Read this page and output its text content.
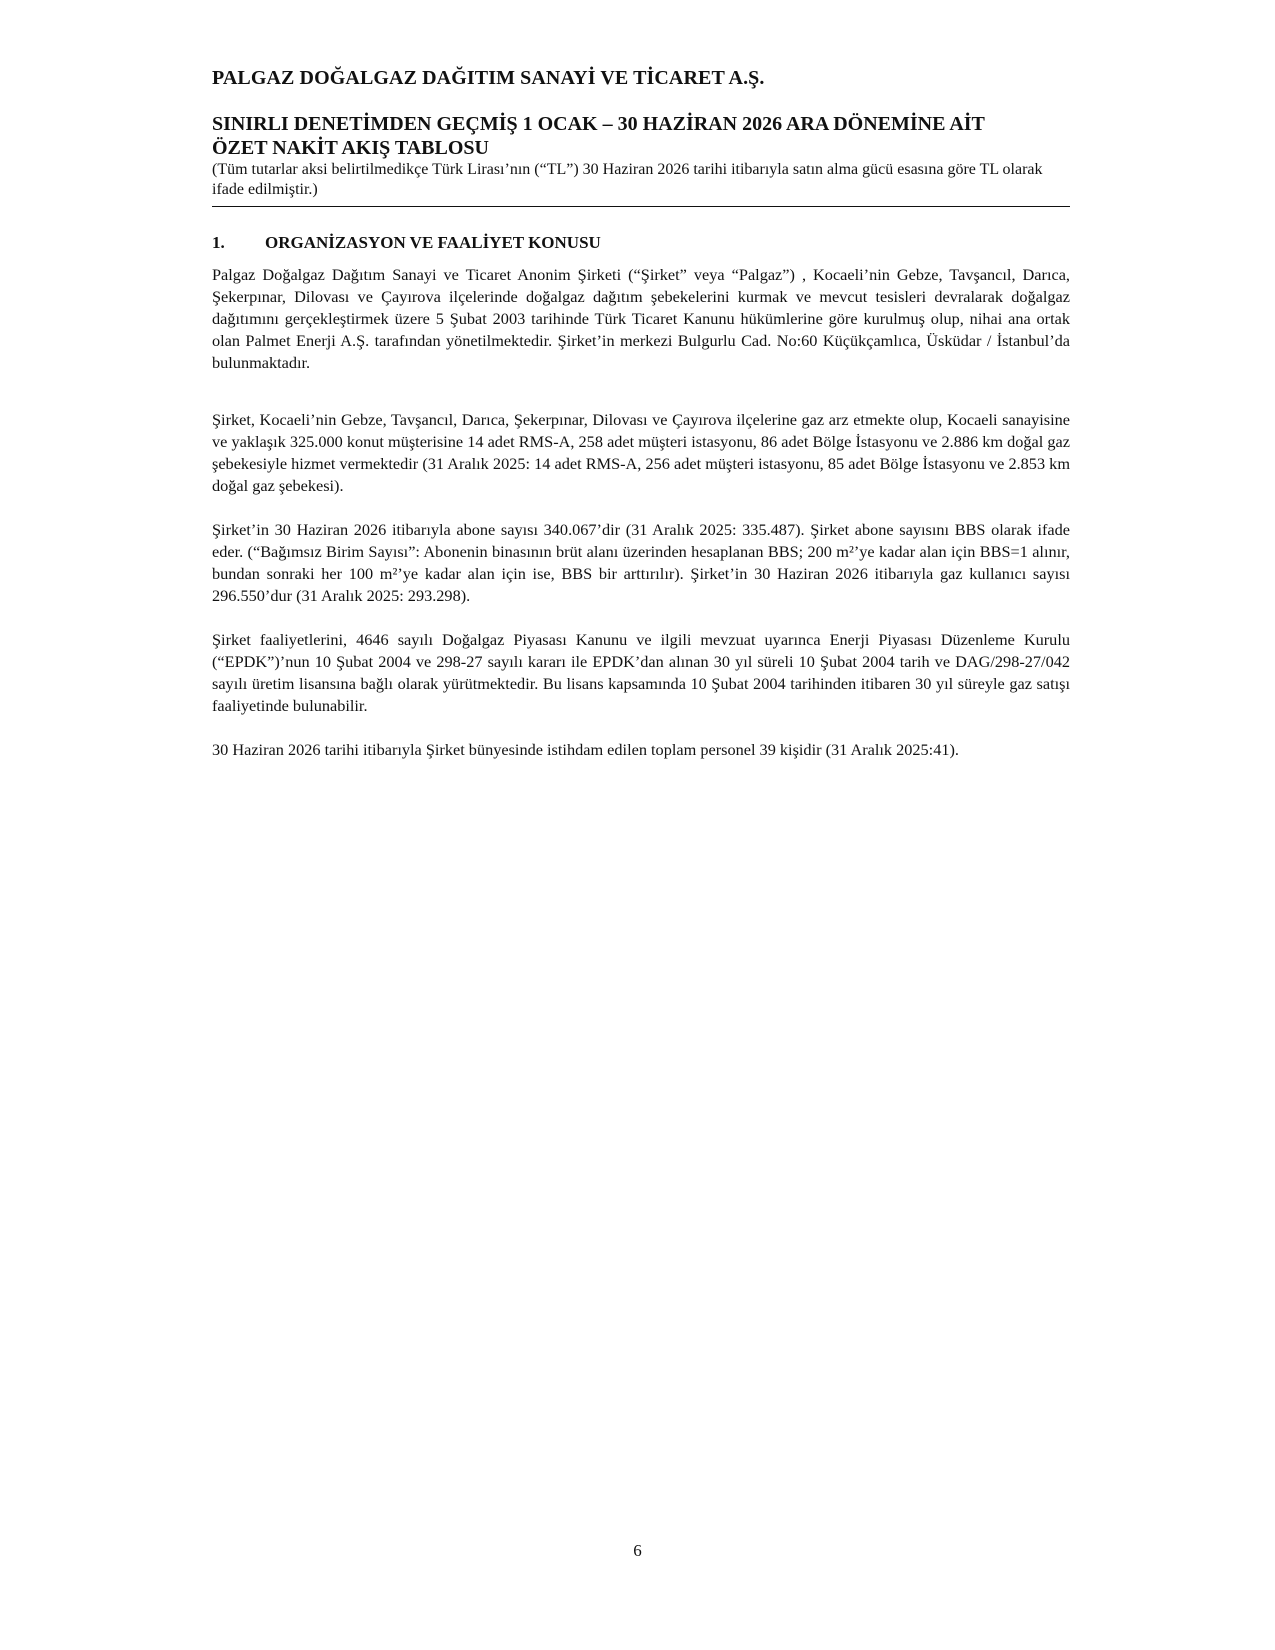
PALGAZ DOĞALGAZ DAĞITIM SANAYİ VE TİCARET A.Ş.
SINIRLI DENETİMDEN GEÇMİŞ 1 OCAK – 30 HAZİRAN 2026 ARA DÖNEMİNE AİT
ÖZET NAKİT AKIŞ TABLOSU
(Tüm tutarlar aksi belirtilmedikçe Türk Lirası’nın (“TL”) 30 Haziran 2026 tarihi itibarıyla satın alma gücü esasına göre TL olarak ifade edilmiştir.)
1.	ORGANİZASYON VE FAALİYET KONUSU

Palgaz Doğalgaz Dağıtım Sanayi ve Ticaret Anonim Şirketi (“Şirket” veya “Palgaz”) , Kocaeli’nin Gebze, Tavşancıl, Darıca, Şekerpınar, Dilovası ve Çayırova ilçelerinde doğalgaz dağıtım şebekelerini kurmak ve mevcut tesisleri devralarak doğalgaz dağıtımını gerçekleştirmek üzere 5 Şubat 2003 tarihinde Türk Ticaret Kanunu hükümlerine göre kurulmuş olup, nihai ana ortak olan Palmet Enerji A.Ş. tarafından yönetilmektedir. Şirket’in merkezi Bulgurlu Cad. No:60 Küçükçamlıca, Üsküdar / İstanbul’da bulunmaktadır.

Şirket, Kocaeli’nin Gebze, Tavşancıl, Darıca, Şekerpınar, Dilovası ve Çayırova ilçelerine gaz arz etmekte olup, Kocaeli sanayisine ve yaklaşık 325.000 konut müşterisine 14 adet RMS-A, 258 adet müşteri istasyonu, 86 adet Bölge İstasyonu ve 2.886 km doğal gaz şebekesiyle hizmet vermektedir (31 Aralık 2025: 14 adet RMS-A, 256 adet müşteri istasyonu, 85 adet Bölge İstasyonu ve 2.853 km doğal gaz şebekesi).

Şirket’in 30 Haziran 2026 itibarıyla abone sayısı 340.067’dir (31 Aralık 2025: 335.487). Şirket abone sayısını BBS olarak ifade eder. (“Bağımsız Birim Sayısı”: Abonenin binasının brüt alanı üzerinden hesaplanan BBS; 200 m²’ye kadar alan için BBS=1 alınır, bundan sonraki her 100 m²’ye kadar alan için ise, BBS bir arttırılır). Şirket’in 30 Haziran 2026 itibarıyla gaz kullanıcı sayısı 296.550’dur (31 Aralık 2025: 293.298).

Şirket faaliyetlerini, 4646 sayılı Doğalgaz Piyasası Kanunu ve ilgili mevzuat uyarınca Enerji Piyasası Düzenleme Kurulu (“EPDK”)’nun 10 Şubat 2004 ve 298-27 sayılı kararı ile EPDK’dan alınan 30 yıl süreli 10 Şubat 2004 tarih ve DAG/298-27/042 sayılı üretim lisansına bağlı olarak yürütmektedir. Bu lisans kapsamında 10 Şubat 2004 tarihinden itibaren 30 yıl süreyle gaz satışı faaliyetinde bulunabilir.

30 Haziran 2026 tarihi itibarıyla Şirket bünyesinde istihdam edilen toplam personel 39 kişidir (31 Aralık 2025:41).

6
